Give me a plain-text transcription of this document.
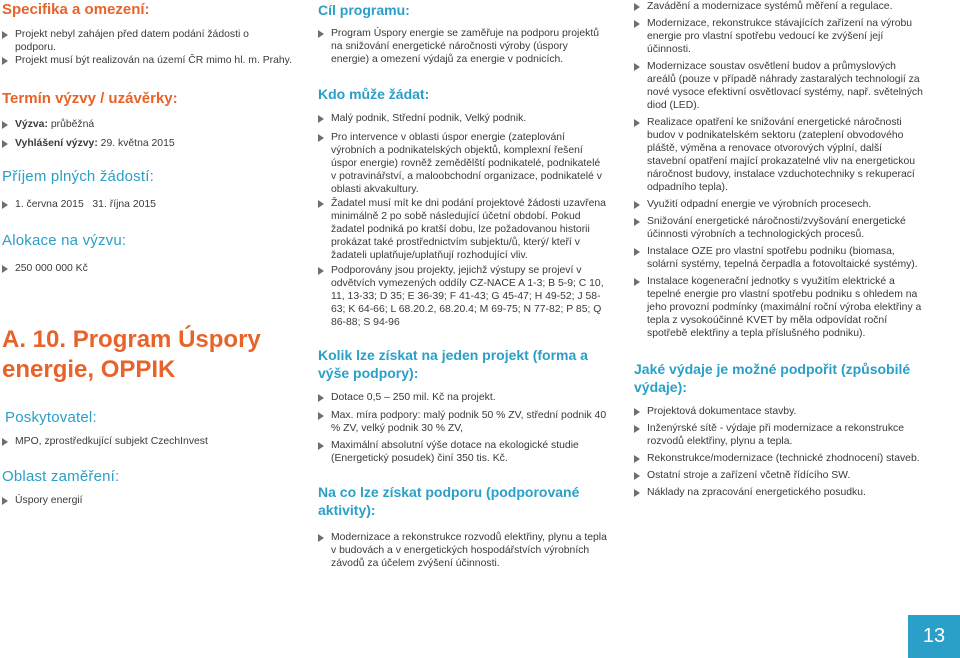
Specifika a omezení:
Projekt nebyl zahájen před datem podání žádosti o podporu.
Projekt musí být realizován na území ČR mimo hl. m. Prahy.
Termín výzvy / uzávěrky:
Výzva: průběžná
Vyhlášení výzvy: 29. května 2015
Příjem plných žádostí:
1. června 2015   31. října 2015
Alokace na výzvu:
250 000 000 Kč
A. 10. Program Úspory energie, OPPIK
Poskytovatel:
MPO, zprostředkující subjekt CzechInvest
Oblast zaměření:
Úspory energií
Cíl programu:
Program Úspory energie se zaměřuje na podporu projektů na snižování energetické náročnosti výroby (úspory energie) a omezení výdajů za energie v podnicích.
Kdo může žádat:
Malý podnik, Střední podnik, Velký podnik.
Pro intervence v oblasti úspor energie (zateplování výrobních a podnikatelských objektů, komplexní řešení úspor energie) rovněž zemědělští podnikatelé, podnikatelé v potravinářství, a maloobchodní organizace, podnikatelé v oblasti akvakultury.
Žadatel musí mít ke dni podání projektové žádosti uzavřena minimálně 2 po sobě následující účetní období. Pokud žadatel podniká po kratší dobu, lze požadovanou historii prokázat také prostřednictvím subjektu/ů, který/ kteří v žadateli uplatňuje/uplatňují rozhodující vliv.
Podporovány jsou projekty, jejichž výstupy se projeví v odvětvích vymezených oddíly CZ-NACE A 1-3; B 5-9; C 10, 11, 13-33; D 35; E 36-39; F 41-43; G 45-47; H 49-52; J 58-63; K 64-66; L 68.20.2, 68.20.4; M 69-75; N 77-82; P 85; Q 86-88; S 94-96
Kolik lze získat na jeden projekt (forma a výše podpory):
Dotace 0,5 – 250 mil. Kč na projekt.
Max. míra podpory: malý podnik 50 % ZV, střední podnik 40 % ZV, velký podnik 30 % ZV,
Maximální absolutní výše dotace na ekologické studie (Energetický posudek) činí 350 tis. Kč.
Na co lze získat podporu (podporované aktivity):
Modernizace a rekonstrukce rozvodů elektřiny, plynu a tepla v budovách a v energetických hospodářstvích výrobních závodů za účelem zvýšení účinnosti.
Zavádění a modernizace systémů měření a regulace.
Modernizace, rekonstrukce stávajících zařízení na výrobu energie pro vlastní spotřebu vedoucí ke zvýšení její účinnosti.
Modernizace soustav osvětlení budov a průmyslových areálů (pouze v případě náhrady zastaralých technologií za nové vysoce efektivní osvětlovací systémy, např. světelných diod (LED).
Realizace opatření ke snižování energetické náročnosti budov v podnikatelském sektoru (zateplení obvodového pláště, výměna a renovace otvorových výplní, další stavební opatření mající prokazatelné vliv na energetickou náročnost budovy, instalace vzduchotechniky s rekuperací odpadního tepla).
Využití odpadní energie ve výrobních procesech.
Snižování energetické náročnosti/zvyšování energetické účinnosti výrobních a technologických procesů.
Instalace OZE pro vlastní spotřebu podniku (biomasa, solární systémy, tepelná čerpadla a fotovoltaické systémy).
Instalace kogenerační jednotky s využitím elektrické a tepelné energie pro vlastní spotřebu podniku s ohledem na jeho provozní podmínky (maximální roční výroba elektřiny a tepla z vysokoúčinné KVET by měla odpovídat roční spotřebě elektřiny a tepla příslušného podniku).
Jaké výdaje je možné podpořit (způsobilé výdaje):
Projektová dokumentace stavby.
Inženýrské sítě - výdaje při modernizace a rekonstrukce rozvodů elektřiny, plynu a tepla.
Rekonstrukce/modernizace (technické zhodnocení) staveb.
Ostatní stroje a zařízení včetně řídícího SW.
Náklady na zpracování energetického posudku.
13
